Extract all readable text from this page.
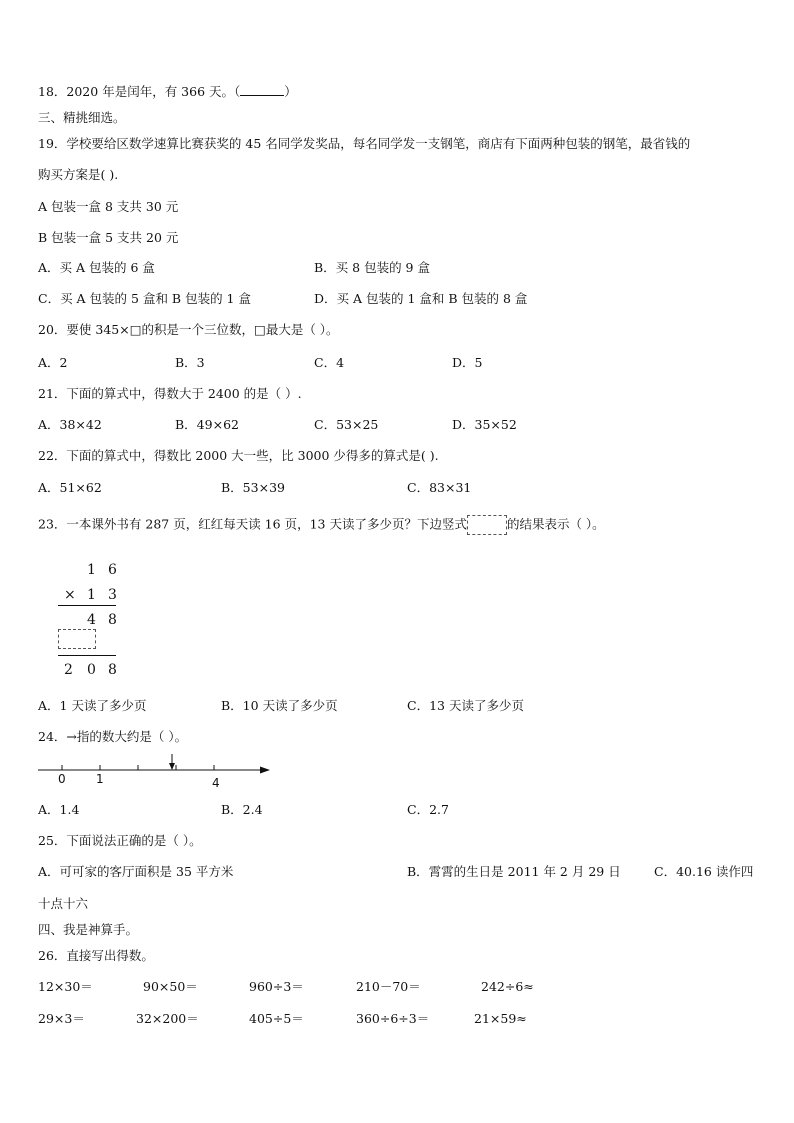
18．2020 年是闰年，有 366 天。（	）
三、精挑细选。
19．学校要给区数学速算比赛获奖的 45 名同学发奖品，每名同学发一支钢笔，商店有下面两种包装的钢笔，最省钱的
购买方案是( ).
A 包装一盒 8 支共 30 元
B 包装一盒 5 支共 20 元
A．买 A 包装的 6 盒	B．买 8 包装的 9 盒
C．买 A 包装的 5 盒和 B 包装的 1 盒	D．买 A 包装的 1 盒和 B 包装的 8 盒
20．要使 345×□的积是一个三位数，□最大是（ ）。
A．2	B．3	C．4	D．5
21．下面的算式中，得数大于 2400 的是（ ）.
A．38×42	B．49×62	C．53×25	D．35×52
22．下面的算式中，得数比 2000 大一些，比 3000 少得多的算式是( ).
A．51×62	B．53×39	C．83×31
23．一本课外书有 287 页，红红每天读 16 页，13 天读了多少页？下边竖式	的结果表示（ ）。
1 6
× 1 3
4 8
2 0 8
A．1 天读了多少页	B．10 天读了多少页	C．13 天读了多少页
24．→指的数大约是（ ）。
0	1	4
A．1.4	B．2.4	C．2.7
25．下面说法正确的是（ ）。
A．可可家的客厅面积是 35 平方米	B．霄霄的生日是 2011 年 2 月 29 日	C．40.16 读作四
十点十六
四、我是神算手。
26．直接写出得数。
12×30＝	90×50＝	960÷3＝	210－70＝	242÷6≈
29×3＝	32×200＝	405÷5＝	360÷6÷3＝	21×59≈
